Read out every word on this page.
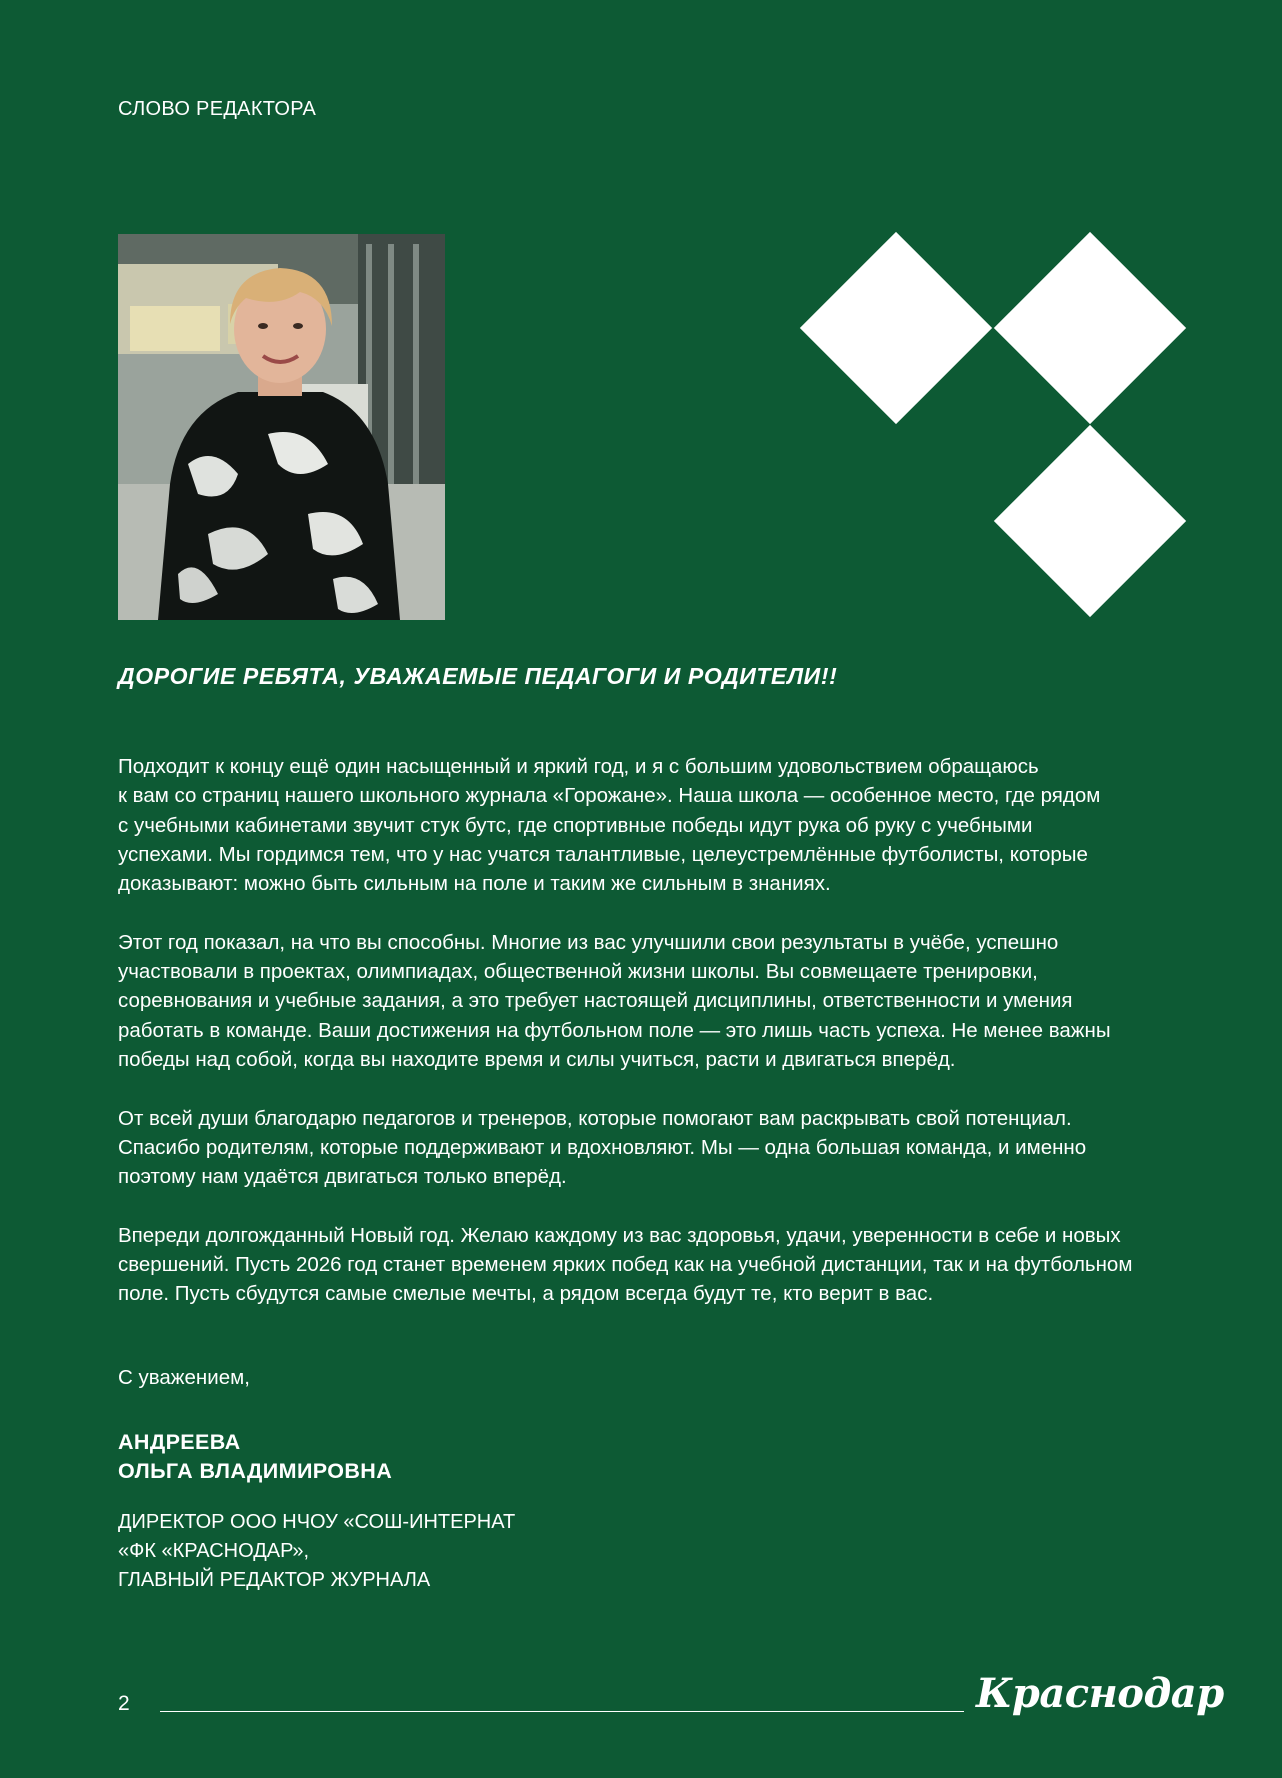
СЛОВО РЕДАКТОРА
ДОРОГИЕ РЕБЯТА, УВАЖАЕМЫЕ ПЕДАГОГИ И РОДИТЕЛИ!!

Подходит к концу ещё один насыщенный и яркий год, и я с большим удовольствием обращаюсь
к вам со страниц нашего школьного журнала «Горожане». Наша школа — особенное место, где рядом
с учебными кабинетами звучит стук бутс, где спортивные победы идут рука об руку с учебными
успехами. Мы гордимся тем, что у нас учатся талантливые, целеустремлённые футболисты, которые
доказывают: можно быть сильным на поле и таким же сильным в знаниях.

Этот год показал, на что вы способны. Многие из вас улучшили свои результаты в учёбе, успешно
участвовали в проектах, олимпиадах, общественной жизни школы. Вы совмещаете тренировки,
соревнования и учебные задания, а это требует настоящей дисциплины, ответственности и умения
работать в команде. Ваши достижения на футбольном поле — это лишь часть успеха. Не менее важны
победы над собой, когда вы находите время и силы учиться, расти и двигаться вперёд.

От всей души благодарю педагогов и тренеров, которые помогают вам раскрывать свой потенциал.
Спасибо родителям, которые поддерживают и вдохновляют. Мы — одна большая команда, и именно
поэтому нам удаётся двигаться только вперёд.

Впереди долгожданный Новый год. Желаю каждому из вас здоровья, удачи, уверенности в себе и новых
свершений. Пусть 2026 год станет временем ярких побед как на учебной дистанции, так и на футбольном
поле. Пусть сбудутся самые смелые мечты, а рядом всегда будут те, кто верит в вас.

С уважением,
АНДРЕЕВА
ОЛЬГА ВЛАДИМИРОВНА
ДИРЕКТОР ООО НЧОУ «СОШ-ИНТЕРНАТ
«ФК «КРАСНОДАР»,
ГЛАВНЫЙ РЕДАКТОР ЖУРНАЛА
2	Краснодар
